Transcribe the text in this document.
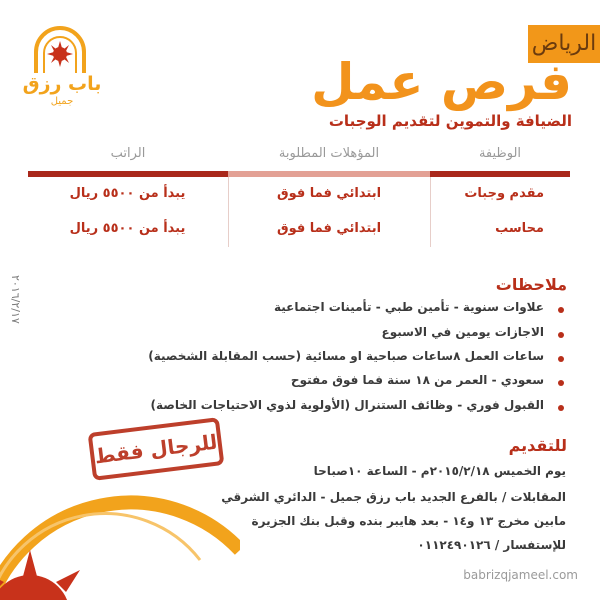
باب رزق
جميل
الرياض
فرص عمل
الضيافة والتموين لتقديم الوجبات
الوظيفة
المؤهلات المطلوبة
الراتب
مقدم وجبات
ابتدائي فما فوق
يبدأ من ٥٥٠٠ ريال
محاسب
ابتدائي فما فوق
يبدأ من ٥٥٠٠ ريال
٢٠١٦/٢/١٧	ملاحظات
علاوات سنوية - تأمين طبي - تأمينات اجتماعية
الاجازات يومين في الاسبوع
ساعات العمل ٨ساعات صباحية او مسائية (حسب المقابلة الشخصية)
سعودي - العمر من ١٨ سنة فما فوق مفتوح
القبول فوري - وظائف الستنرال (الأولوية لذوي الاحتياجات الخاصة)
للرجال فقط	للتقديم
يوم الخميس ٢٠١٥/٢/١٨م - الساعة ١٠صباحا
المقابلات / بالفرع الجديد باب رزق جميل - الدائري الشرقي
مابين مخرج ١٣ و١٤ - بعد هايبر بنده وقبل بنك الجزيرة
للإستفسار / ٠١١٢٤٩٠١٢٦
babrizqjameel.com
